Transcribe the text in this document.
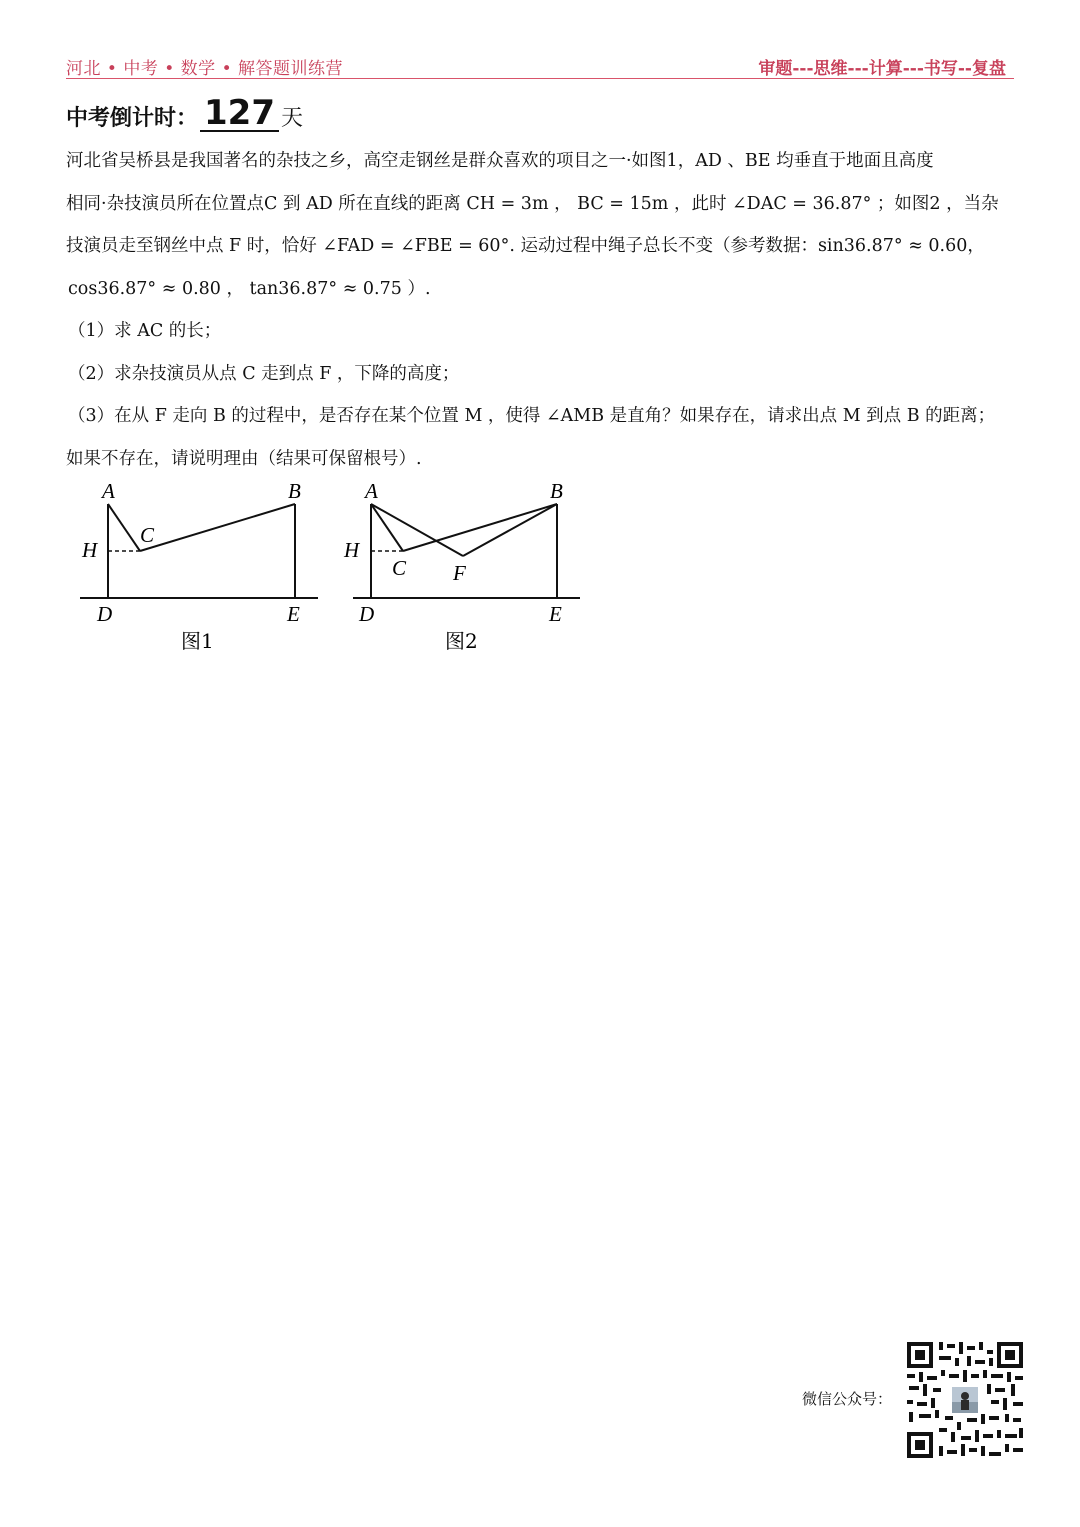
河北 • 中考 • 数学 • 解答题训练营	审题---思维---计算---书写--复盘
中考倒计时： 127 天

河北省吴桥县是我国著名的杂技之乡，高空走钢丝是群众喜欢的项目之一·如图1，AD 、BE 均垂直于地面且高度

相同·杂技演员所在位置点C 到 AD 所在直线的距离 CH = 3m ， BC = 15m ，此时 ∠DAC = 36.87° ；如图2 ，当杂

技演员走至钢丝中点 F 时，恰好 ∠FAD = ∠FBE = 60°. 运动过程中绳子总长不变（参考数据：sin36.87° ≈ 0.60，

cos36.87° ≈ 0.80 ， tan36.87° ≈ 0.75 ）.

（1）求 AC 的长；

（2）求杂技演员从点 C 走到点 F ，下降的高度；

（3）在从 F 走向 B 的过程中，是否存在某个位置 M ，使得 ∠AMB 是直角？如果存在，请求出点 M 到点 B 的距离；

如果不存在，请说明理由（结果可保留根号）.

A	B
C
H
D	E
图1
A	B
H
C F
D	E
图2
微信公众号：
